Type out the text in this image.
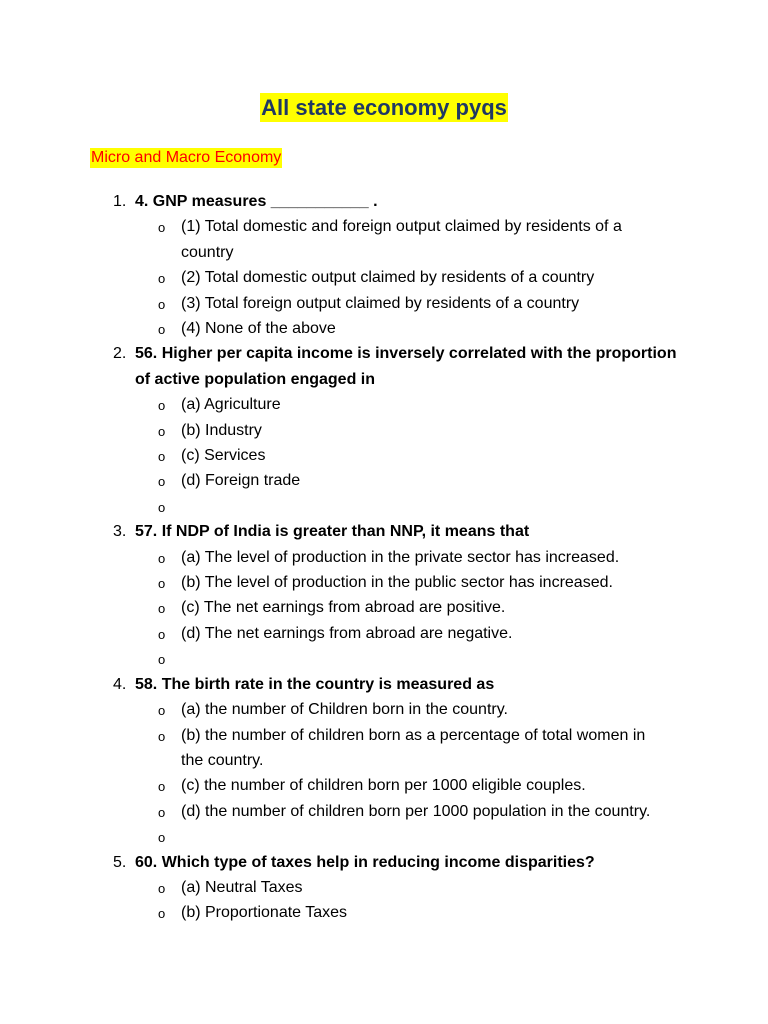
All state economy pyqs
Micro and Macro Economy
1. 4. GNP measures ___________ .
o (1) Total domestic and foreign output claimed by residents of a country
o (2) Total domestic output claimed by residents of a country
o (3) Total foreign output claimed by residents of a country
o (4) None of the above
2. 56. Higher per capita income is inversely correlated with the proportion of active population engaged in
o (a) Agriculture
o (b) Industry
o (c) Services
o (d) Foreign trade
o
3. 57. If NDP of India is greater than NNP, it means that
o (a) The level of production in the private sector has increased.
o (b) The level of production in the public sector has increased.
o (c) The net earnings from abroad are positive.
o (d) The net earnings from abroad are negative.
o
4. 58. The birth rate in the country is measured as
o (a) the number of Children born in the country.
o (b) the number of children born as a percentage of total women in the country.
o (c) the number of children born per 1000 eligible couples.
o (d) the number of children born per 1000 population in the country.
o
5. 60. Which type of taxes help in reducing income disparities?
o (a) Neutral Taxes
o (b) Proportionate Taxes
